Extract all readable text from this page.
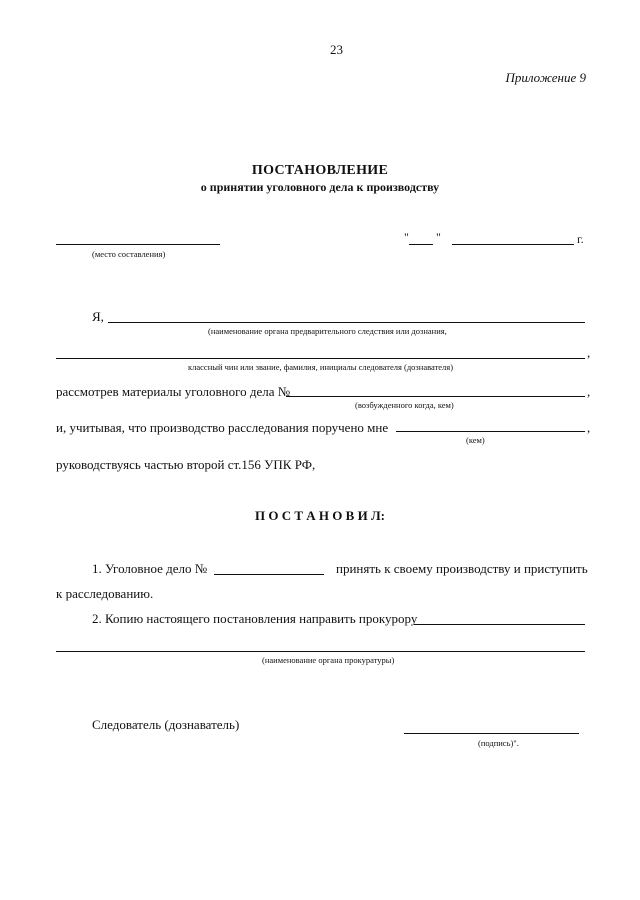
23
Приложение 9
ПОСТАНОВЛЕНИЕ
о принятии уголовного дела к производству
(место составления)
" "	г.
Я,
(наименование органа предварительного следствия или дознания,
,
классный чин или звание, фамилия, инициалы следователя (дознавателя)
рассмотрев материалы уголовного дела №	,
(возбужденного когда, кем)
и, учитывая, что производство расследования поручено мне	,
(кем)
руководствуясь частью второй ст.156 УПК РФ,
П О С Т А Н О В И Л:
1. Уголовное дело №	принять к своему производству и приступить
к расследованию.
2. Копию настоящего постановления направить прокурору
(наименование органа прокуратуры)
Следователь (дознаватель)
(подпись)".
